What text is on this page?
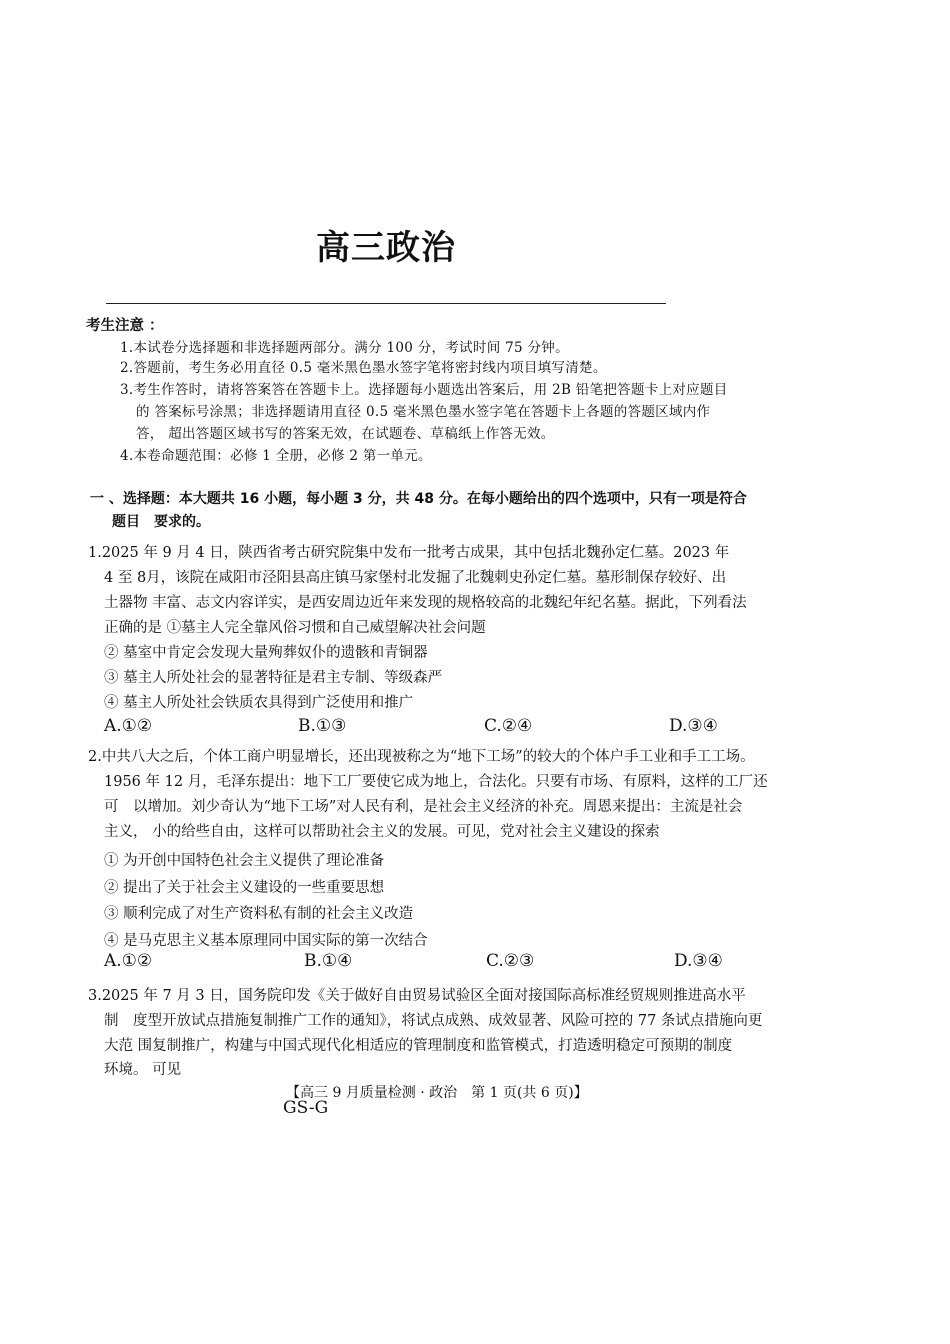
高三政治
考生注意 ：
1.本试卷分选择题和非选择题两部分。满分 100 分，考试时间 75 分钟。
2.答题前，考生务必用直径 0.5 毫米黑色墨水签字笔将密封线内项目填写清楚。
3.考生作答时，请将答案答在答题卡上。选择题每小题选出答案后，用 2B 铅笔把答题卡上对应题目
的 答案标号涂黑；非选择题请用直径 0.5 毫米黑色墨水签字笔在答题卡上各题的答题区域内作
答， 超出答题区域书写的答案无效，在试题卷、草稿纸上作答无效。
4.本卷命题范围：必修 1 全册，必修 2 第一单元。
一 、选择题：本大题共 16 小题，每小题 3 分，共 48 分。在每小题给出的四个选项中，只有一项是符合
题目　要求的。
1.2025 年 9 月 4 日，陕西省考古研究院集中发布一批考古成果，其中包括北魏孙定仁墓。2023 年
4 至 8月，该院在咸阳市泾阳县高庄镇马家堡村北发掘了北魏刺史孙定仁墓。墓形制保存较好、出
土器物 丰富、志文内容详实，是西安周边近年来发现的规格较高的北魏纪年纪名墓。据此，下列看法
正确的是 ①墓主人完全靠风俗习惯和自己威望解决社会问题
② 墓室中肯定会发现大量殉葬奴仆的遗骸和青铜器
③ 墓主人所处社会的显著特征是君主专制、等级森严
④ 墓主人所处社会铁质农具得到广泛使用和推广
A.①②	B.①③	C.②④	D.③④
2.中共八大之后，个体工商户明显增长，还出现被称之为“地下工场”的较大的个体户手工业和手工工场。
1956 年 12 月，毛泽东提出：地下工厂要使它成为地上，合法化。只要有市场、有原料，这样的工厂还
可　以增加。刘少奇认为“地下工场”对人民有利，是社会主义经济的补充。周恩来提出：主流是社会
主义， 小的给些自由，这样可以帮助社会主义的发展。可见，党对社会主义建设的探索
① 为开创中国特色社会主义提供了理论准备
② 提出了关于社会主义建设的一些重要思想
③ 顺利完成了对生产资料私有制的社会主义改造
④ 是马克思主义基本原理同中国实际的第一次结合
A.①②	B.①④	C.②③	D.③④
3.2025 年 7 月 3 日，国务院印发《关于做好自由贸易试验区全面对接国际高标准经贸规则推进高水平
制　度型开放试点措施复制推广工作的通知》，将试点成熟、成效显著、风险可控的 77 条试点措施向更
大范 围复制推广，构建与中国式现代化相适应的管理制度和监管模式，打造透明稳定可预期的制度
环境。 可见
【高三 9 月质量检测 · 政治　第 1 页(共 6 页)】
GS-G
